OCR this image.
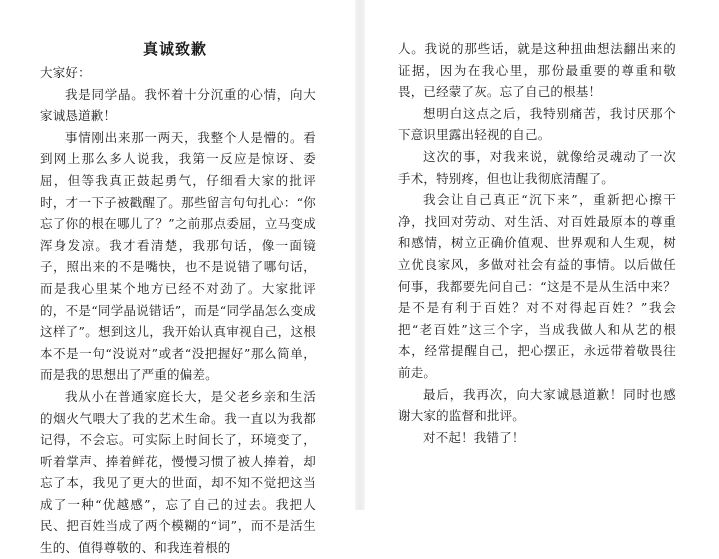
真诚致歉

大家好：

我是同学晶。我怀着十分沉重的心情，向大家诚恳道歉！

事情刚出来那一两天，我整个人是懵的。看到网上那么多人说我，我第一反应是惊讶、委屈，但等我真正鼓起勇气，仔细看大家的批评时，才一下子被戳醒了。那些留言句句扎心：“你忘了你的根在哪儿了？”之前那点委屈，立马变成浑身发凉。我才看清楚，我那句话，像一面镜子，照出来的不是嘴快，也不是说错了哪句话，而是我心里某个地方已经不对劲了。大家批评的，不是“同学晶说错话”，而是“同学晶怎么变成这样了”。想到这儿，我开始认真审视自己，这根本不是一句“没说对”或者“没把握好”那么简单，而是我的思想出了严重的偏差。

我从小在普通家庭长大，是父老乡亲和生活的烟火气喂大了我的艺术生命。我一直以为我都记得，不会忘。可实际上时间长了，环境变了，听着掌声、捧着鲜花，慢慢习惯了被人捧着，却忘了本，我见了更大的世面，却不知不觉把这当成了一种“优越感”，忘了自己的过去。我把人民、把百姓当成了两个模糊的“词”，而不是活生生的、值得尊敬的、和我连着根的

人。我说的那些话，就是这种扭曲想法翻出来的证据，因为在我心里，那份最重要的尊重和敬畏，已经蒙了灰。忘了自己的根基！

想明白这点之后，我特别痛苦，我讨厌那个下意识里露出轻视的自己。

这次的事，对我来说，就像给灵魂动了一次手术，特别疼，但也让我彻底清醒了。

我会让自己真正“沉下来”，重新把心擦干净，找回对劳动、对生活、对百姓最原本的尊重和感情，树立正确价值观、世界观和人生观，树立优良家风，多做对社会有益的事情。以后做任何事，我都要先问自己：“这是不是从生活中来？是不是有利于百姓？对不对得起百姓？”我会把“老百姓”这三个字，当成我做人和从艺的根本，经常提醒自己，把心摆正，永远带着敬畏往前走。

最后，我再次，向大家诚恳道歉！同时也感谢大家的监督和批评。

对不起！我错了！
